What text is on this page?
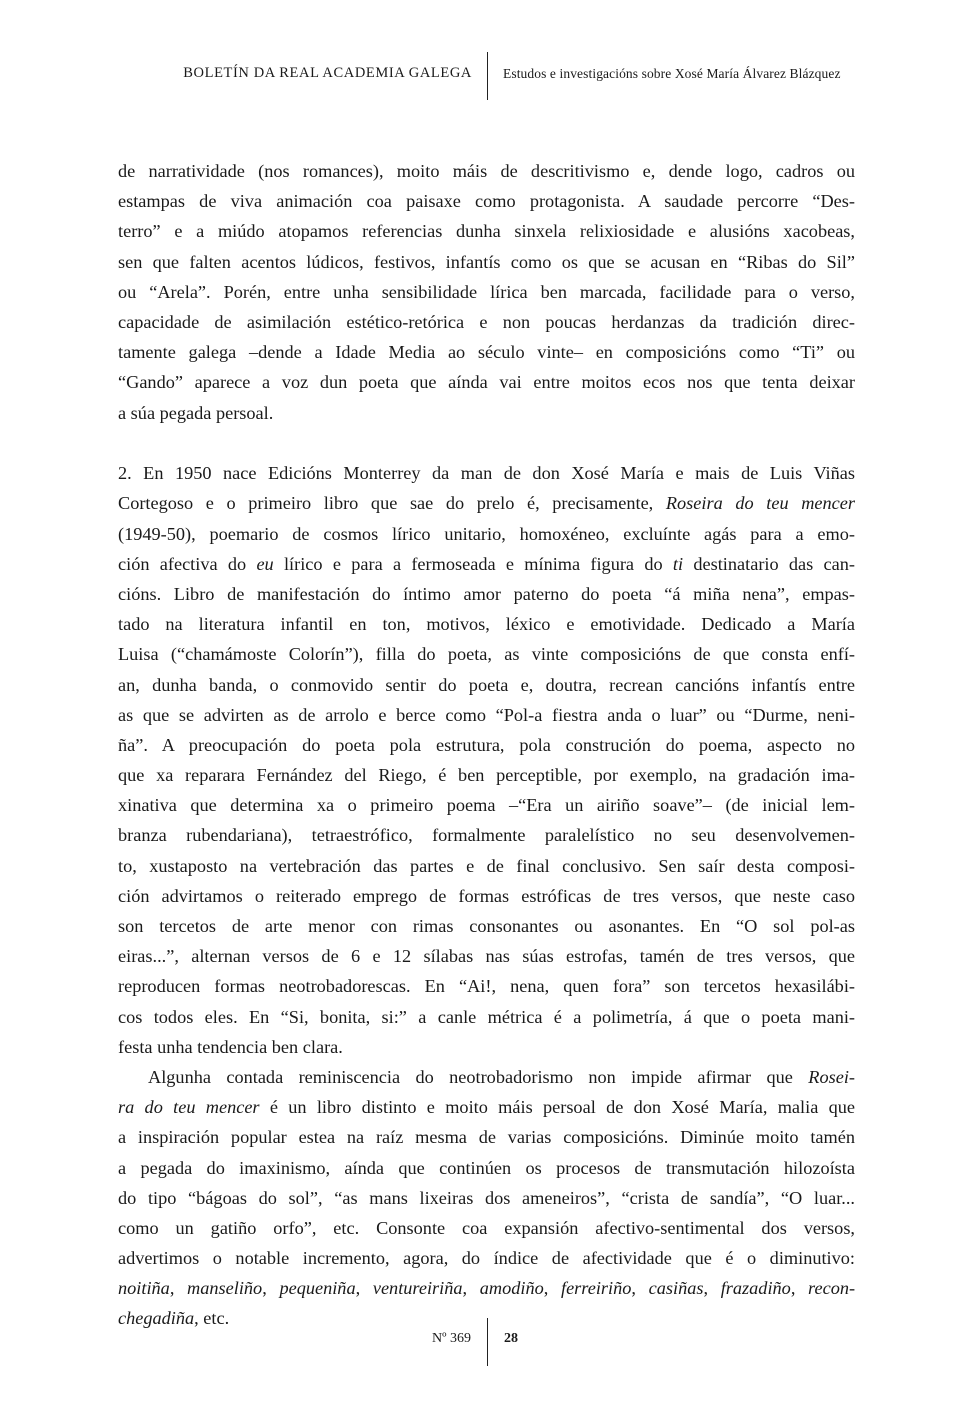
BOLETÍN DA REAL ACADEMIA GALEGA Estudos e investigacións sobre Xosé María Álvarez Blázquez
de narratividade (nos romances), moito máis de descritivismo e, dende logo, cadros ou
estampas de viva animación coa paisaxe como protagonista. A saudade percorre “Des-
terro” e a miúdo atopamos referencias dunha sinxela relixiosidade e alusións xacobeas,
sen que falten acentos lúdicos, festivos, infantís como os que se acusan en “Ribas do Sil”
ou “Arela”. Porén, entre unha sensibilidade lírica ben marcada, facilidade para o verso,
capacidade de asimilación estético-retórica e non poucas herdanzas da tradición direc-
tamente galega –dende a Idade Media ao século vinte– en composicións como “Ti” ou
“Gando” aparece a voz dun poeta que aínda vai entre moitos ecos nos que tenta deixar
a súa pegada persoal.
2. En 1950 nace Edicións Monterrey da man de don Xosé María e mais de Luis Viñas
Cortegoso e o primeiro libro que sae do prelo é, precisamente, Roseira do teu mencer
(1949-50), poemario de cosmos lírico unitario, homoxéneo, excluínte agás para a emo-
ción afectiva do eu lírico e para a fermoseada e mínima figura do ti destinatario das can-
cións. Libro de manifestación do íntimo amor paterno do poeta “á miña nena”, empas-
tado na literatura infantil en ton, motivos, léxico e emotividade. Dedicado a María
Luisa (“chamámoste Colorín”), filla do poeta, as vinte composicións de que consta enfí-
an, dunha banda, o conmovido sentir do poeta e, doutra, recrean cancións infantís entre
as que se advirten as de arrolo e berce como “Pol-a fiestra anda o luar” ou “Durme, neni-
ña”. A preocupación do poeta pola estrutura, pola construción do poema, aspecto no
que xa reparara Fernández del Riego, é ben perceptible, por exemplo, na gradación ima-
xinativa que determina xa o primeiro poema –“Era un airiño soave”– (de inicial lem-
branza rubendariana), tetraestrófico, formalmente paralelístico no seu desenvolvemen-
to, xustaposto na vertebración das partes e de final conclusivo. Sen saír desta composi-
ción advirtamos o reiterado emprego de formas estróficas de tres versos, que neste caso
son tercetos de arte menor con rimas consonantes ou asonantes. En “O sol pol-as
eiras...”, alternan versos de 6 e 12 sílabas nas súas estrofas, tamén de tres versos, que
reproducen formas neotrobadorescas. En “Ai!, nena, quen fora” son tercetos hexasilábi-
cos todos eles. En “Si, bonita, si:” a canle métrica é a polimetría, á que o poeta mani-
festa unha tendencia ben clara.
Algunha contada reminiscencia do neotrobadorismo non impide afirmar que Rosei-
ra do teu mencer é un libro distinto e moito máis persoal de don Xosé María, malia que
a inspiración popular estea na raíz mesma de varias composicións. Diminúe moito tamén
a pegada do imaxinismo, aínda que continúen os procesos de transmutación hilozoísta
do tipo “bágoas do sol”, “as mans lixeiras dos ameneiros”, “crista de sandía”, “O luar...
como un gatiño orfo”, etc. Consonte coa expansión afectivo-sentimental dos versos,
advertimos o notable incremento, agora, do índice de afectividade que é o diminutivo:
noitiña, manseliño, pequeniña, ventureiriña, amodiño, ferreiriño, casiñas, frazadiño, recon-
chegadiña, etc.
Nº 369 28
